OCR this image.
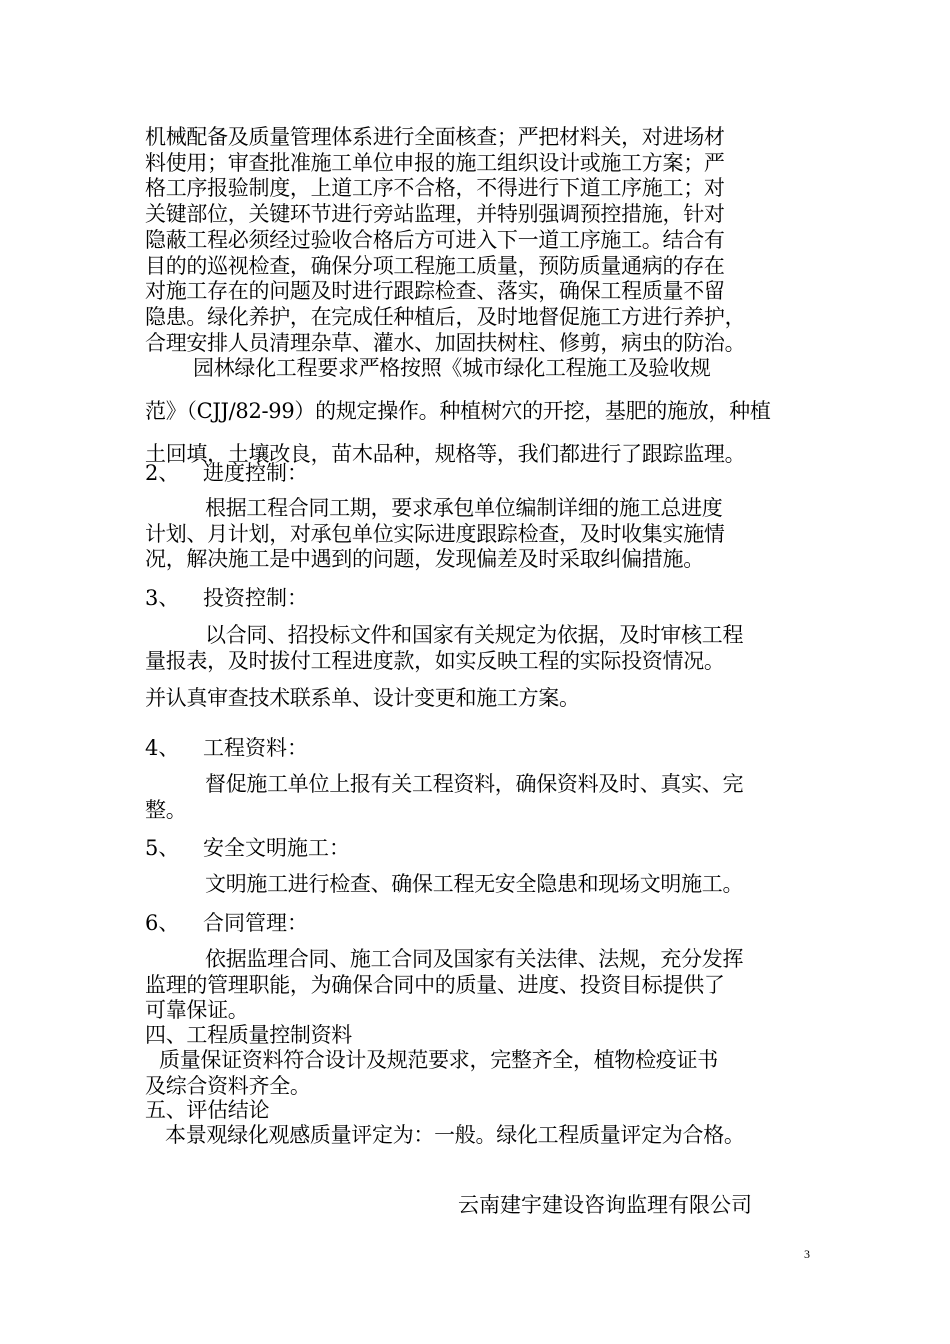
机械配备及质量管理体系进行全面核查；严把材料关，对进场材
料使用；审查批准施工单位申报的施工组织设计或施工方案；严
格工序报验制度，上道工序不合格，不得进行下道工序施工；对
关键部位，关键环节进行旁站监理，并特别强调预控措施，针对
隐蔽工程必须经过验收合格后方可进入下一道工序施工。结合有
目的的巡视检查，确保分项工程施工质量，预防质量通病的存在
对施工存在的问题及时进行跟踪检查、落实，确保工程质量不留
隐患。绿化养护，在完成任种植后，及时地督促施工方进行养护，
合理安排人员清理杂草、灌水、加固扶树柱、修剪，病虫的防治。
园林绿化工程要求严格按照《城市绿化工程施工及验收规
范》（CJJ/82-99）的规定操作。种植树穴的开挖，基肥的施放，种植
土回填，土壤改良，苗木品种，规格等，我们都进行了跟踪监理。
2、 进度控制：
根据工程合同工期，要求承包单位编制详细的施工总进度
计划、月计划，对承包单位实际进度跟踪检查，及时收集实施情
况，解决施工是中遇到的问题，发现偏差及时采取纠偏措施。
3、 投资控制：
以合同、招投标文件和国家有关规定为依据，及时审核工程
量报表，及时拔付工程进度款，如实反映工程的实际投资情况。
并认真审查技术联系单、设计变更和施工方案。
4、 工程资料：
督促施工单位上报有关工程资料，确保资料及时、真实、完
整。
5、 安全文明施工：
文明施工进行检查、确保工程无安全隐患和现场文明施工。
6、 合同管理：
依据监理合同、施工合同及国家有关法律、法规，充分发挥
监理的管理职能，为确保合同中的质量、进度、投资目标提供了
可靠保证。
四、工程质量控制资料
质量保证资料符合设计及规范要求，完整齐全，植物检疫证书
及综合资料齐全。
五、评估结论
本景观绿化观感质量评定为：一般。绿化工程质量评定为合格。
云南建宇建设咨询监理有限公司
3
